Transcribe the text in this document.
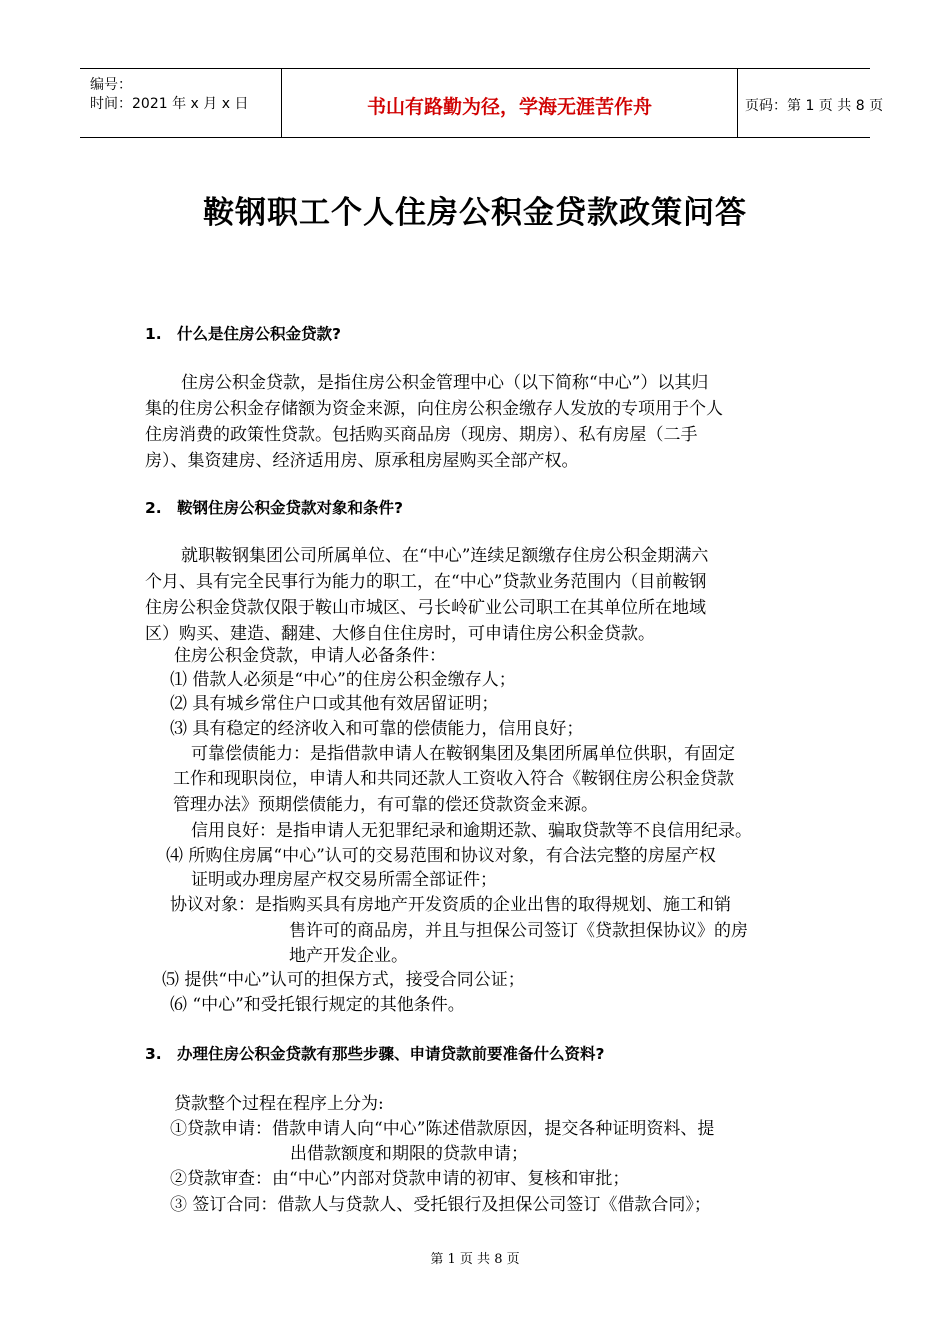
编号：
时间：2021 年 x 月 x 日	书山有路勤为径，学海无涯苦作舟	页码：第 1 页 共 8 页
鞍钢职工个人住房公积金贷款政策问答
1. 什么是住房公积金贷款?
2. 鞍钢住房公积金贷款对象和条件?
3. 办理住房公积金贷款有那些步骤、申请贷款前要准备什么资料?
住房公积金贷款，是指住房公积金管理中心（以下简称“中心”）以其归
集的住房公积金存储额为资金来源，向住房公积金缴存人发放的专项用于个人
住房消费的政策性贷款。包括购买商品房（现房、期房）、私有房屋（二手
房）、集资建房、经济适用房、原承租房屋购买全部产权。
就职鞍钢集团公司所属单位、在“中心”连续足额缴存住房公积金期满六
个月、具有完全民事行为能力的职工，在“中心”贷款业务范围内（目前鞍钢
住房公积金贷款仅限于鞍山市城区、弓长岭矿业公司职工在其单位所在地域
区）购买、建造、翻建、大修自住住房时，可申请住房公积金贷款。
住房公积金贷款，申请人必备条件：
⑴ 借款人必须是“中心”的住房公积金缴存人；
⑵ 具有城乡常住户口或其他有效居留证明；
⑶ 具有稳定的经济收入和可靠的偿债能力，信用良好；
可靠偿债能力：是指借款申请人在鞍钢集团及集团所属单位供职，有固定
工作和现职岗位，申请人和共同还款人工资收入符合《鞍钢住房公积金贷款
管理办法》预期偿债能力，有可靠的偿还贷款资金来源。
信用良好：是指申请人无犯罪纪录和逾期还款、骗取贷款等不良信用纪录。
⑷ 所购住房属“中心”认可的交易范围和协议对象，有合法完整的房屋产权
证明或办理房屋产权交易所需全部证件；
协议对象：是指购买具有房地产开发资质的企业出售的取得规划、施工和销
售许可的商品房，并且与担保公司签订《贷款担保协议》的房
地产开发企业。
⑸ 提供“中心”认可的担保方式，接受合同公证；
⑹ “中心”和受托银行规定的其他条件。
贷款整个过程在程序上分为:
①贷款申请：借款申请人向“中心”陈述借款原因，提交各种证明资料、提
出借款额度和期限的贷款申请；
②贷款审查：由“中心”内部对贷款申请的初审、复核和审批；
③ 签订合同：借款人与贷款人、受托银行及担保公司签订《借款合同》；
第 1 页 共 8 页
